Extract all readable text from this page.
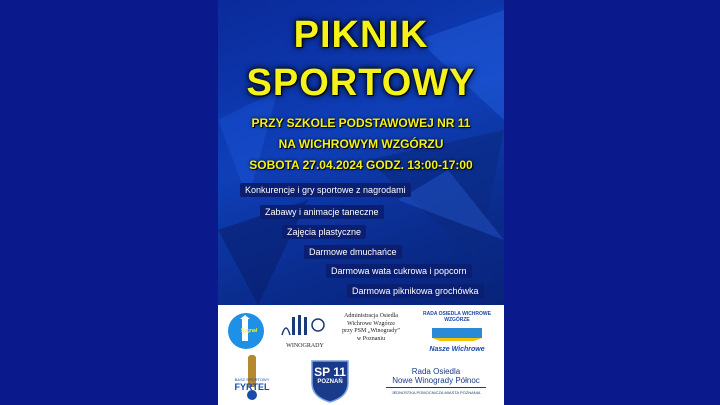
PIKNIK
SPORTOWY
PRZY SZKOLE PODSTAWOWEJ NR 11
NA WICHROWYM WZGÓRZU
SOBOTA 27.04.2024 GODZ. 13:00-17:00
Konkurencje i gry sportowe z nagrodami
Zabawy i animacje taneczne
Zajęcia plastyczne
Darmowe dmuchańce
Darmowa wata cukrowa i popcorn
Darmowa piknikowa grochówka
Sygnał
WINOGRADY
Administracja Osiedla
Wichrowe Wzgórze
przy PSM „Winogrady”
w Poznaniu
RADA OSIEDLA WICHROWE WZGÓRZE
Nasze Wichrowe
BASZ SPORTOWY
FYRTEL
SP 11
POZNAŃ
Rada Osiedla
Nowe Winogrady Północ
JEDNOSTKA POMOCNICZA MIASTA POZNANIA
